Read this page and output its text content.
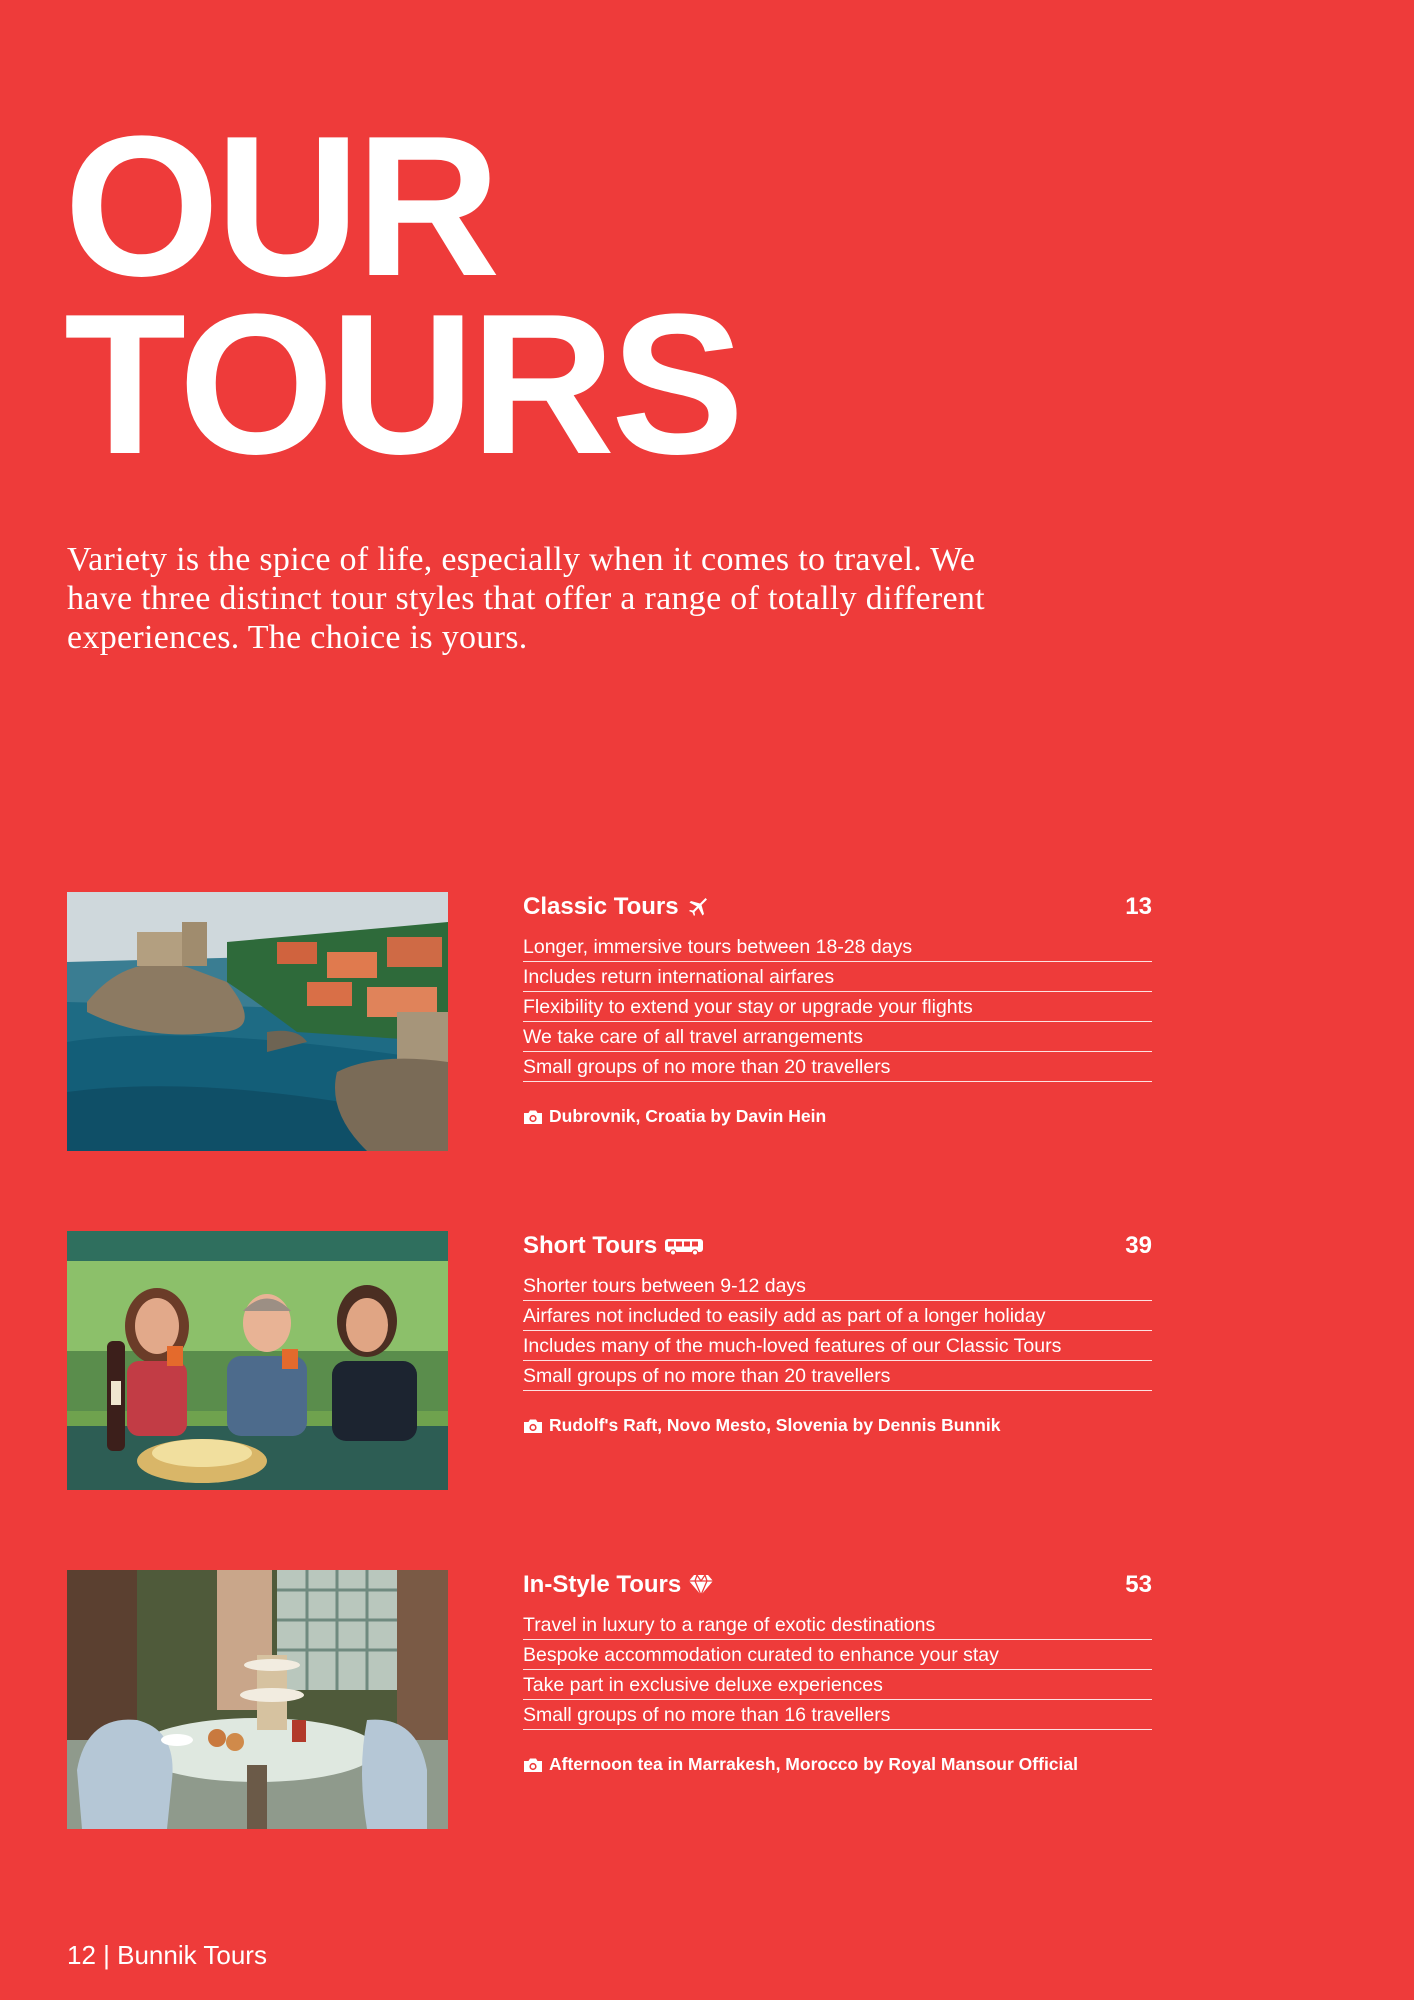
OUR
TOURS

Variety is the spice of life, especially when it comes to travel. We have three distinct tour styles that offer a range of totally different experiences. The choice is yours.

Classic Tours	13
Longer, immersive tours between 18-28 days
Includes return international airfares
Flexibility to extend your stay or upgrade your flights
We take care of all travel arrangements
Small groups of no more than 20 travellers
Dubrovnik, Croatia by Davin Hein
Short Tours	39
Shorter tours between 9-12 days
Airfares not included to easily add as part of a longer holiday
Includes many of the much-loved features of our Classic Tours
Small groups of no more than 20 travellers
Rudolf's Raft, Novo Mesto, Slovenia by Dennis Bunnik
In-Style Tours	53
Travel in luxury to a range of exotic destinations
Bespoke accommodation curated to enhance your stay
Take part in exclusive deluxe experiences
Small groups of no more than 16 travellers
Afternoon tea in Marrakesh, Morocco by Royal Mansour Official
12 | Bunnik Tours
